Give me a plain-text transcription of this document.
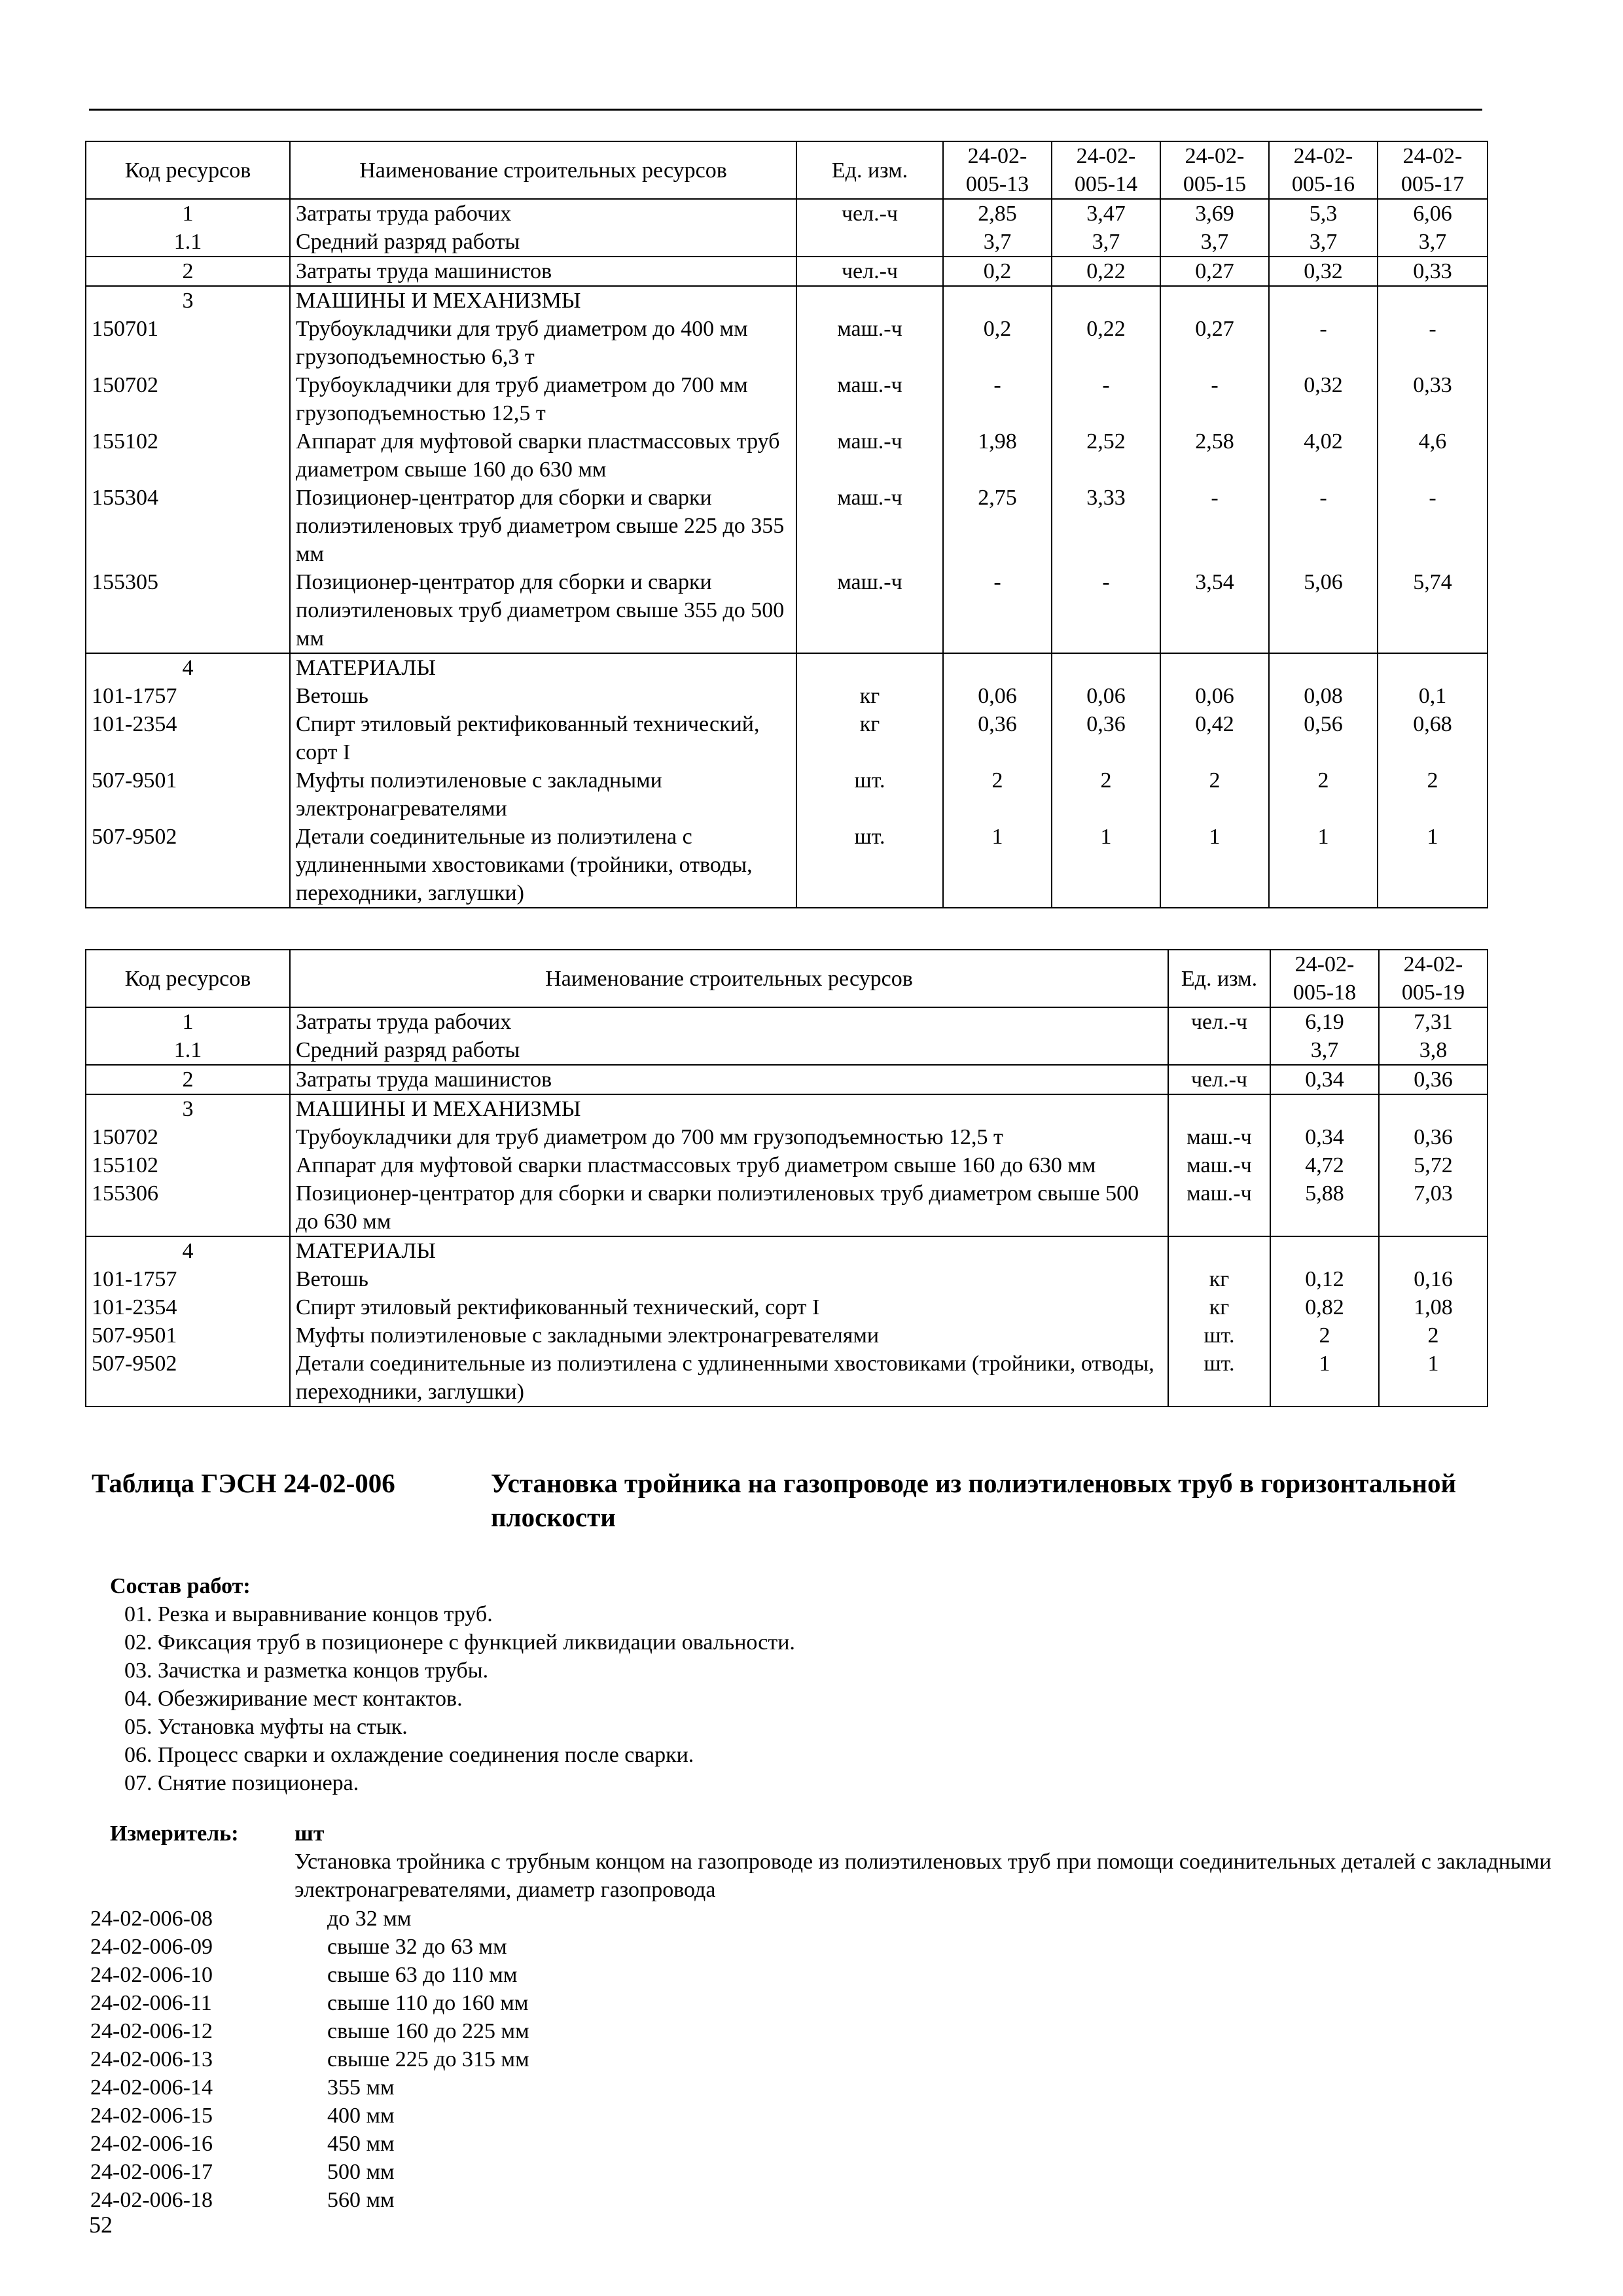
Код ресурсов	Наименование строительных ресурсов	Ед. изм.	24-02-005-13	24-02-005-14	24-02-005-15	24-02-005-16	24-02-005-17
1	Затраты труда рабочих	чел.-ч	2,85	3,47	3,69	5,3	6,06
1.1	Средний разряд работы		3,7	3,7	3,7	3,7	3,7
2	Затраты труда машинистов	чел.-ч	0,2	0,22	0,27	0,32	0,33
3	МАШИНЫ И МЕХАНИЗМЫ						
150701	Трубоукладчики для труб диаметром до 400 мм грузоподъемностью 6,3 т	маш.-ч	0,2	0,22	0,27	-	-
150702	Трубоукладчики для труб диаметром до 700 мм грузоподъемностью 12,5 т	маш.-ч	-	-	-	0,32	0,33
155102	Аппарат для муфтовой сварки пластмассовых труб диаметром свыше 160 до 630 мм	маш.-ч	1,98	2,52	2,58	4,02	4,6
155304	Позиционер-центратор для сборки и сварки полиэтиленовых труб диаметром свыше 225 до 355 мм	маш.-ч	2,75	3,33	-	-	-
155305	Позиционер-центратор для сборки и сварки полиэтиленовых труб диаметром свыше 355 до 500 мм	маш.-ч	-	-	3,54	5,06	5,74
4	МАТЕРИАЛЫ						
101-1757	Ветошь	кг	0,06	0,06	0,06	0,08	0,1
101-2354	Спирт этиловый ректификованный технический, сорт I	кг	0,36	0,36	0,42	0,56	0,68
507-9501	Муфты полиэтиленовые с закладными электронагревателями	шт.	2	2	2	2	2
507-9502	Детали соединительные из полиэтилена с удлиненными хвостовиками (тройники, отводы, переходники, заглушки)	шт.	1	1	1	1	1
Код ресурсов	Наименование строительных ресурсов	Ед. изм.	24-02-005-18	24-02-005-19
1	Затраты труда рабочих	чел.-ч	6,19	7,31
1.1	Средний разряд работы		3,7	3,8
2	Затраты труда машинистов	чел.-ч	0,34	0,36
3	МАШИНЫ И МЕХАНИЗМЫ			
150702	Трубоукладчики для труб диаметром до 700 мм грузоподъемностью 12,5 т	маш.-ч	0,34	0,36
155102	Аппарат для муфтовой сварки пластмассовых труб диаметром свыше 160 до 630 мм	маш.-ч	4,72	5,72
155306	Позиционер-центратор для сборки и сварки полиэтиленовых труб диаметром свыше 500 до 630 мм	маш.-ч	5,88	7,03
4	МАТЕРИАЛЫ			
101-1757	Ветошь	кг	0,12	0,16
101-2354	Спирт этиловый ректификованный технический, сорт I	кг	0,82	1,08
507-9501	Муфты полиэтиленовые с закладными электронагревателями	шт.	2	2
507-9502	Детали соединительные из полиэтилена с удлиненными хвостовиками (тройники, отводы, переходники, заглушки)	шт.	1	1
Таблица ГЭСН 24-02-006	Установка тройника на газопроводе из полиэтиленовых труб в горизонтальной плоскости
Состав работ:
01. Резка и выравнивание концов труб.
02. Фиксация труб в позиционере с функцией ликвидации овальности.
03. Зачистка и разметка концов трубы.
04. Обезжиривание мест контактов.
05. Установка муфты на стык.
06. Процесс сварки и охлаждение соединения после сварки.
07. Снятие позиционера.
Измеритель:	шт
Установка тройника с трубным концом на газопроводе из полиэтиленовых труб при помощи соединительных деталей с закладными электронагревателями, диаметр газопровода
24-02-006-08	до 32 мм
24-02-006-09	свыше 32 до 63 мм
24-02-006-10	свыше 63 до 110 мм
24-02-006-11	свыше 110 до 160 мм
24-02-006-12	свыше 160 до 225 мм
24-02-006-13	свыше 225 до 315 мм
24-02-006-14	355 мм
24-02-006-15	400 мм
24-02-006-16	450 мм
24-02-006-17	500 мм
24-02-006-18	560 мм
52
